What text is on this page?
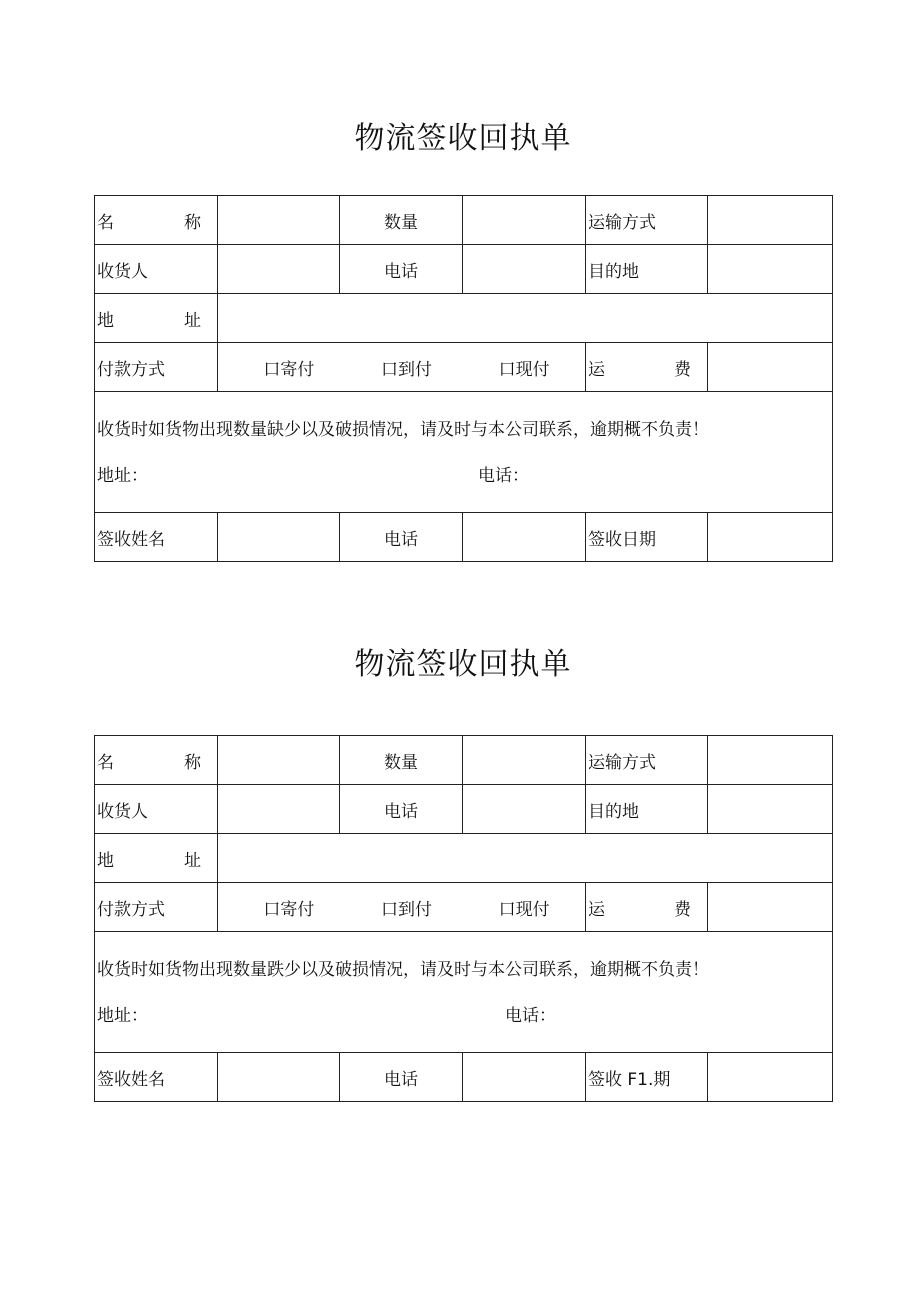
物流签收回执单
名 称		数量		运输方式	
收货人		电话		目的地	

地 址					

付款方式	口寄付 口到付 口现付			运 费	

收货时如货物出现数量缺少以及破损情况，请及时与本公司联系，逾期概不负责！
地址： 电话：					

签收姓名		电话		签收日期	
物流签收回执单
名 称		数量		运输方式	
收货人		电话		目的地	

地 址					

付款方式	口寄付 口到付 口现付			运 费	

收货时如货物出现数量跌少以及破损情况，请及时与本公司联系，逾期概不负责！
地址： 电话：					

签收姓名		电话		签收 F1.期	
